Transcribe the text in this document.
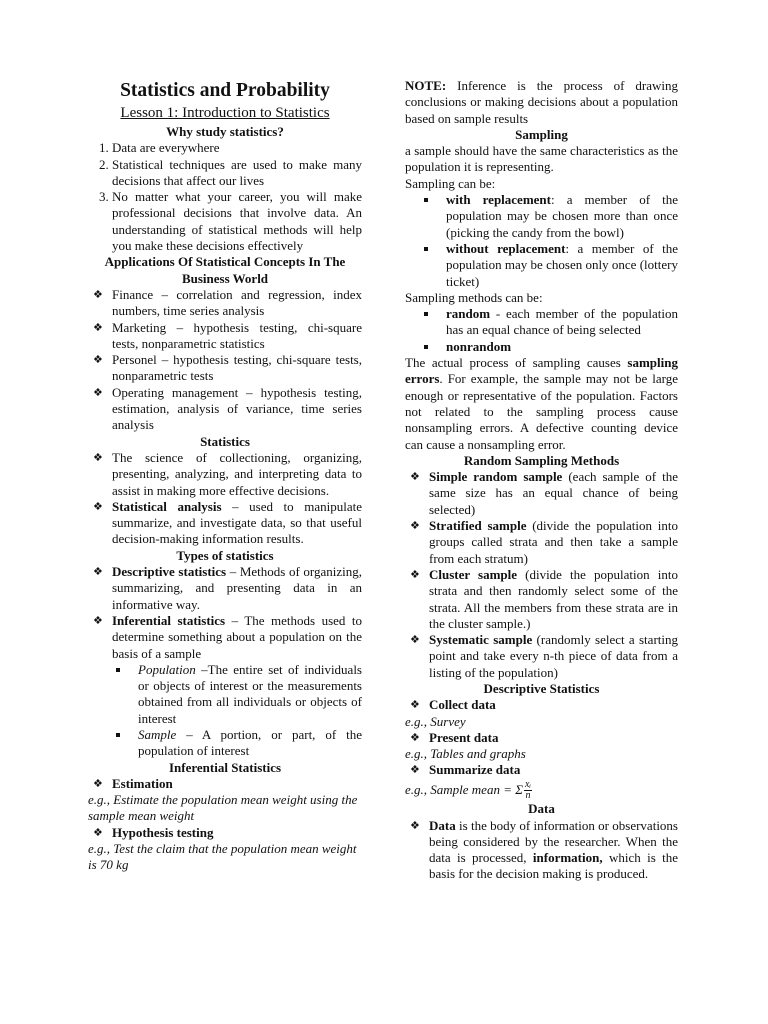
Statistics and Probability
Lesson 1: Introduction to Statistics
Why study statistics?
1. Data are everywhere
2. Statistical techniques are used to make many decisions that affect our lives
3. No matter what your career, you will make professional decisions that involve data. An understanding of statistical methods will help you make these decisions effectively
Applications Of Statistical Concepts In The Business World
❖ Finance – correlation and regression, index numbers, time series analysis
❖ Marketing – hypothesis testing, chi-square tests, nonparametric statistics
❖ Personel – hypothesis testing, chi-square tests, nonparametric tests
❖ Operating management – hypothesis testing, estimation, analysis of variance, time series analysis
Statistics
❖ The science of collectioning, organizing, presenting, analyzing, and interpreting data to assist in making more effective decisions.
❖ Statistical analysis – used to manipulate summarize, and investigate data, so that useful decision-making information results.
Types of statistics
❖ Descriptive statistics – Methods of organizing, summarizing, and presenting data in an informative way.
❖ Inferential statistics – The methods used to determine something about a population on the basis of a sample
Population –The entire set of individuals or objects of interest or the measurements obtained from all individuals or objects of interest
Sample – A portion, or part, of the population of interest
Inferential Statistics
❖ Estimation

e.g., Estimate the population mean weight using the sample mean weight

❖ Hypothesis testing

e.g., Test the claim that the population mean weight is 70 kg

NOTE: Inference is the process of drawing conclusions or making decisions about a population based on sample results

Sampling

a sample should have the same characteristics as the population it is representing.

Sampling can be:

with replacement: a member of the population may be chosen more than once (picking the candy from the bowl)
without replacement: a member of the population may be chosen only once (lottery ticket)

Sampling methods can be:

random - each member of the population has an equal chance of being selected
nonrandom

The actual process of sampling causes sampling errors. For example, the sample may not be large enough or representative of the population. Factors not related to the sampling process cause nonsampling errors. A defective counting device can cause a nonsampling error.

Random Sampling Methods
❖ Simple random sample (each sample of the same size has an equal chance of being selected)
❖ Stratified sample (divide the population into groups called strata and then take a sample from each stratum)
❖ Cluster sample (divide the population into strata and then randomly select some of the strata. All the members from these strata are in the cluster sample.)
❖ Systematic sample (randomly select a starting point and take every n-th piece of data from a listing of the population)
Descriptive Statistics
❖ Collect data

e.g., Survey

❖ Present data

e.g., Tables and graphs

❖ Summarize data

e.g., Sample mean = Σ $\frac{\text{xᵢ}}{n}$

Data
❖ Data is the body of information or observations being considered by the researcher. When the data is processed, information, which is the basis for the decision making is produced.
